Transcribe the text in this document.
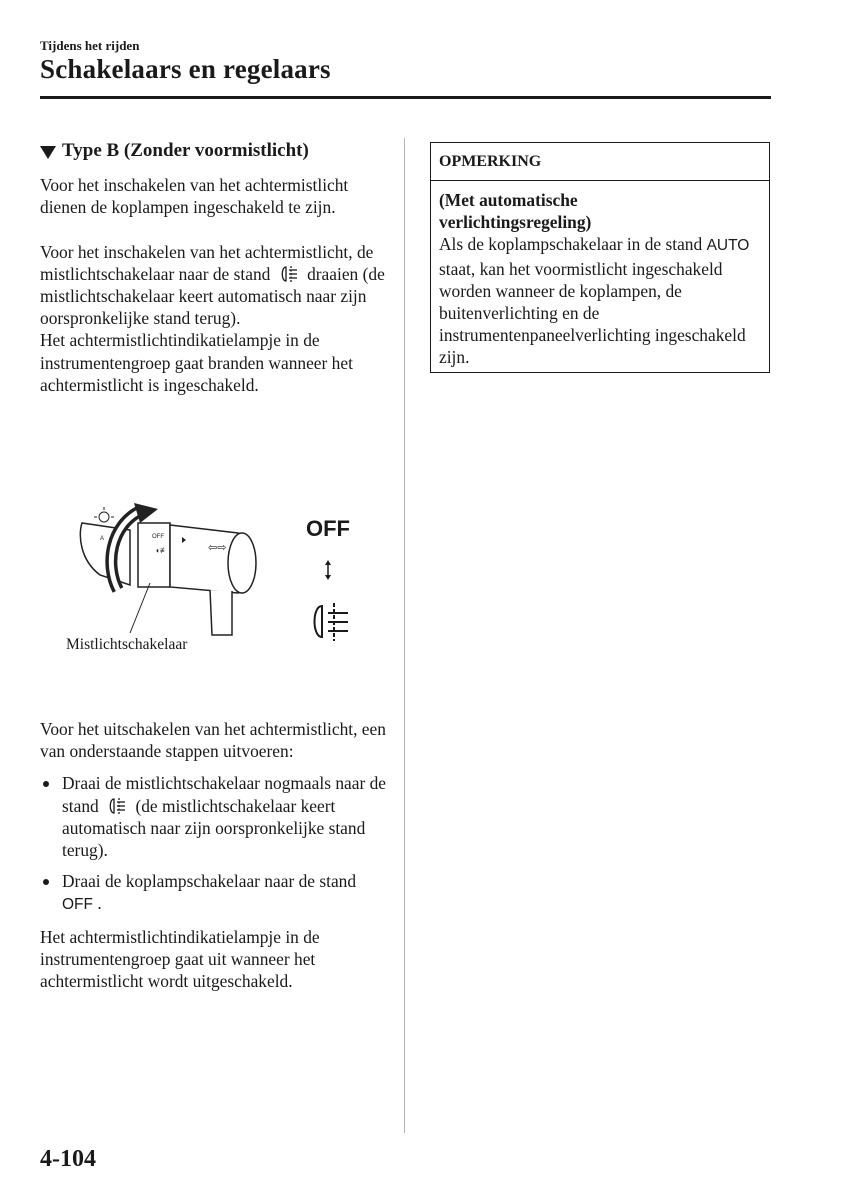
Tijdens het rijden
Schakelaars en regelaars
Type B (Zonder voormistlicht)

Voor het inschakelen van het achtermistlicht dienen de koplampen ingeschakeld te zijn.

Voor het inschakelen van het achtermistlicht, de mistlichtschakelaar naar de stand draaien (de mistlichtschakelaar keert automatisch naar zijn oorspronkelijke stand terug).

Het achtermistlichtindikatielampje in de instrumentengroep gaat branden wanneer het achtermistlicht is ingeschakeld.

A
≡
OFF
◖≢	⇦⇨
OFF
Mistlichtschakelaar

Voor het uitschakelen van het achtermistlicht, een van onderstaande stappen uitvoeren:

Draai de mistlichtschakelaar nogmaals naar de stand (de mistlichtschakelaar keert automatisch naar zijn oorspronkelijke stand terug).
Draai de koplampschakelaar naar de stand OFF .

Het achtermistlichtindikatielampje in de instrumentengroep gaat uit wanneer het achtermistlicht wordt uitgeschakeld.

OPMERKING
(Met automatische
verlichtingsregeling)

Als de koplampschakelaar in de stand AUTO staat, kan het voormistlicht ingeschakeld worden wanneer de koplampen, de buitenverlichting en de instrumentenpaneelverlichting ingeschakeld zijn.

4-104
